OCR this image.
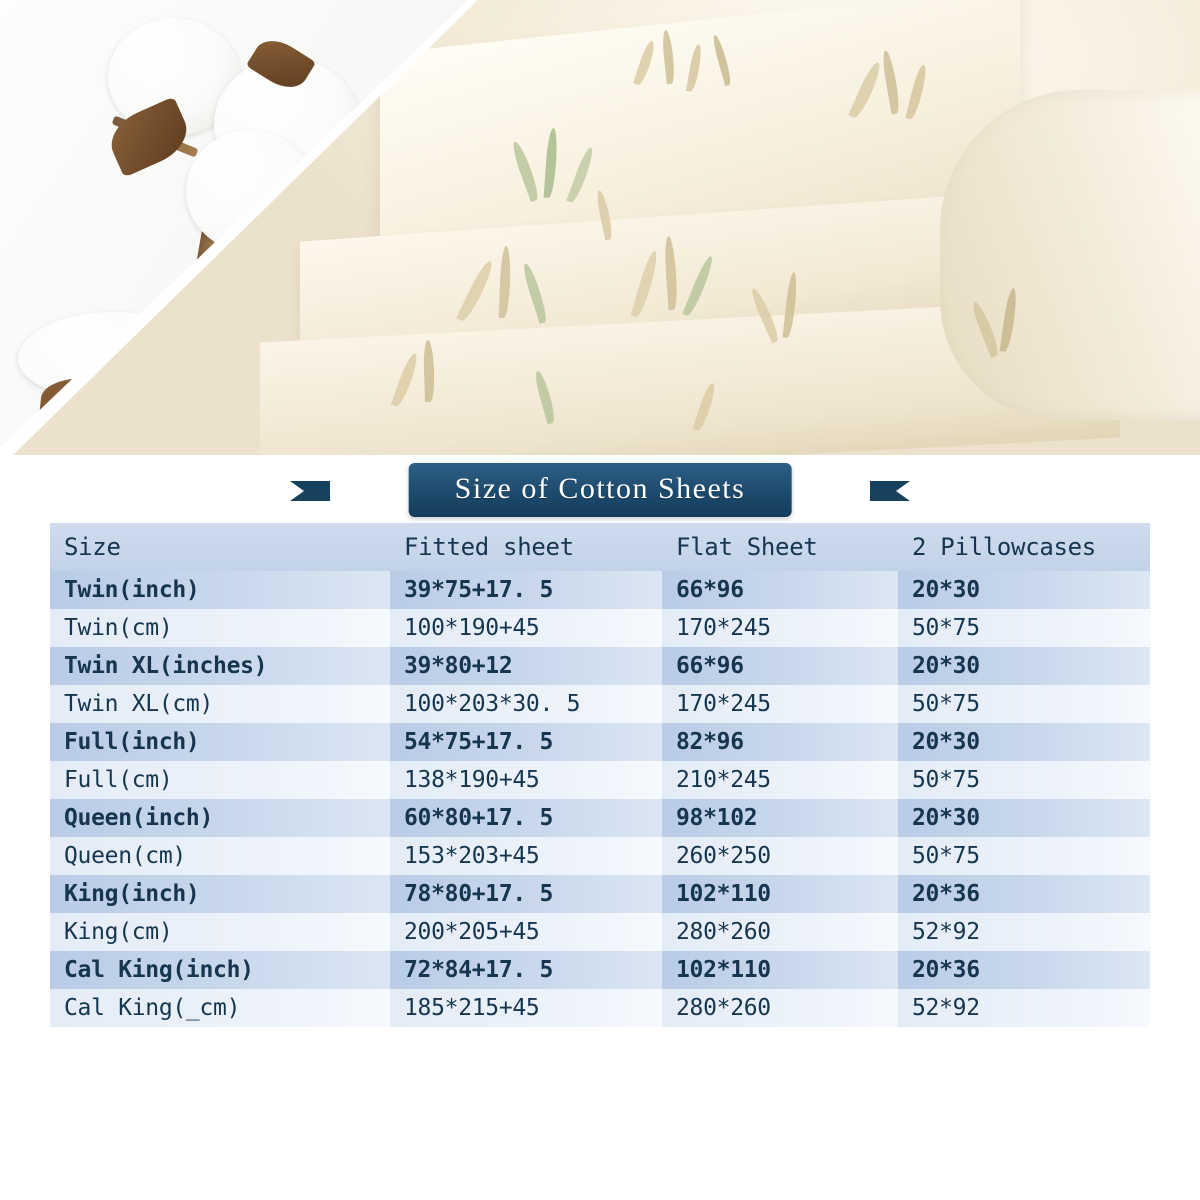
Size of Cotton Sheets
Size	Fitted sheet	Flat Sheet	2 Pillowcases
Twin(inch)	39*75+17. 5	66*96	20*30
Twin(cm)	100*190+45	170*245	50*75
Twin XL(inches)	39*80+12	66*96	20*30
Twin XL(cm)	100*203*30. 5	170*245	50*75
Full(inch)	54*75+17. 5	82*96	20*30
Full(cm)	138*190+45	210*245	50*75
Queen(inch)	60*80+17. 5	98*102	20*30
Queen(cm)	153*203+45	260*250	50*75
King(inch)	78*80+17. 5	102*110	20*36
King(cm)	200*205+45	280*260	52*92
Cal King(inch)	72*84+17. 5	102*110	20*36
Cal King(_cm)	185*215+45	280*260	52*92
